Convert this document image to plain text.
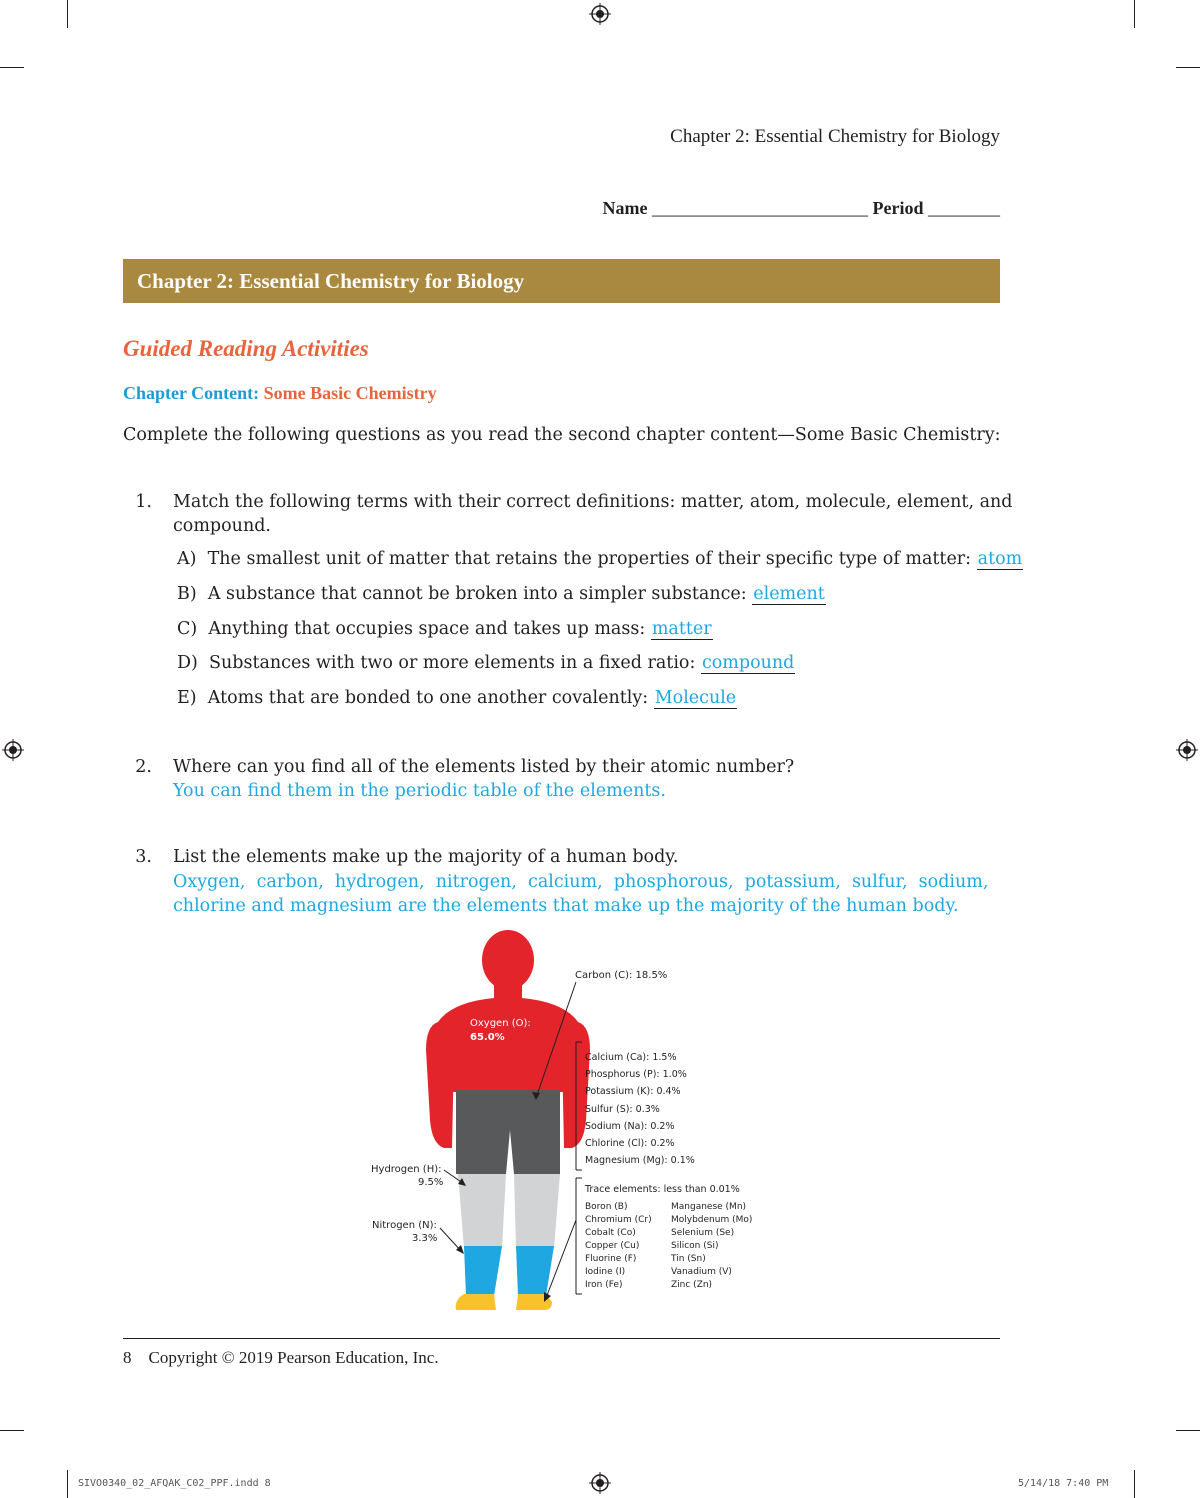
Chapter 2: Essential Chemistry for Biology
Name ________________________ Period ________
Chapter 2: Essential Chemistry for Biology
Guided Reading Activities
Chapter Content: Some Basic Chemistry
Complete the following questions as you read the second chapter content—Some Basic Chemistry:
1. Match the following terms with their correct definitions: matter, atom, molecule, element, and
compound.
A) The smallest unit of matter that retains the properties of their specific type of matter: atom
B) A substance that cannot be broken into a simpler substance: element
C) Anything that occupies space and takes up mass: matter
D) Substances with two or more elements in a fixed ratio: compound
E) Atoms that are bonded to one another covalently: Molecule
2. Where can you find all of the elements listed by their atomic number?
You can find them in the periodic table of the elements.
3. List the elements make up the majority of a human body.
Oxygen,  carbon,  hydrogen,  nitrogen,  calcium,  phosphorous,  potassium,  sulfur,  sodium,
chlorine and magnesium are the elements that make up the majority of the human body.
Oxygen (O):
65.0%
Carbon (C): 18.5%
Hydrogen (H):
9.5%
Nitrogen (N):
3.3%
Calcium (Ca): 1.5%
Phosphorus (P): 1.0%
Potassium (K): 0.4%
Sulfur (S): 0.3%
Sodium (Na): 0.2%
Chlorine (Cl): 0.2%
Magnesium (Mg): 0.1%
Trace elements: less than 0.01%
Boron (B)
Chromium (Cr)
Cobalt (Co)
Copper (Cu)
Fluorine (F)
Iodine (I)
Iron (Fe)
Manganese (Mn)
Molybdenum (Mo)
Selenium (Se)
Silicon (Si)
Tin (Sn)
Vanadium (V)
Zinc (Zn)
8 Copyright © 2019 Pearson Education, Inc.
SIVO0340_02_AFQAK_C02_PPF.indd 8	5/14/18 7:40 PM
